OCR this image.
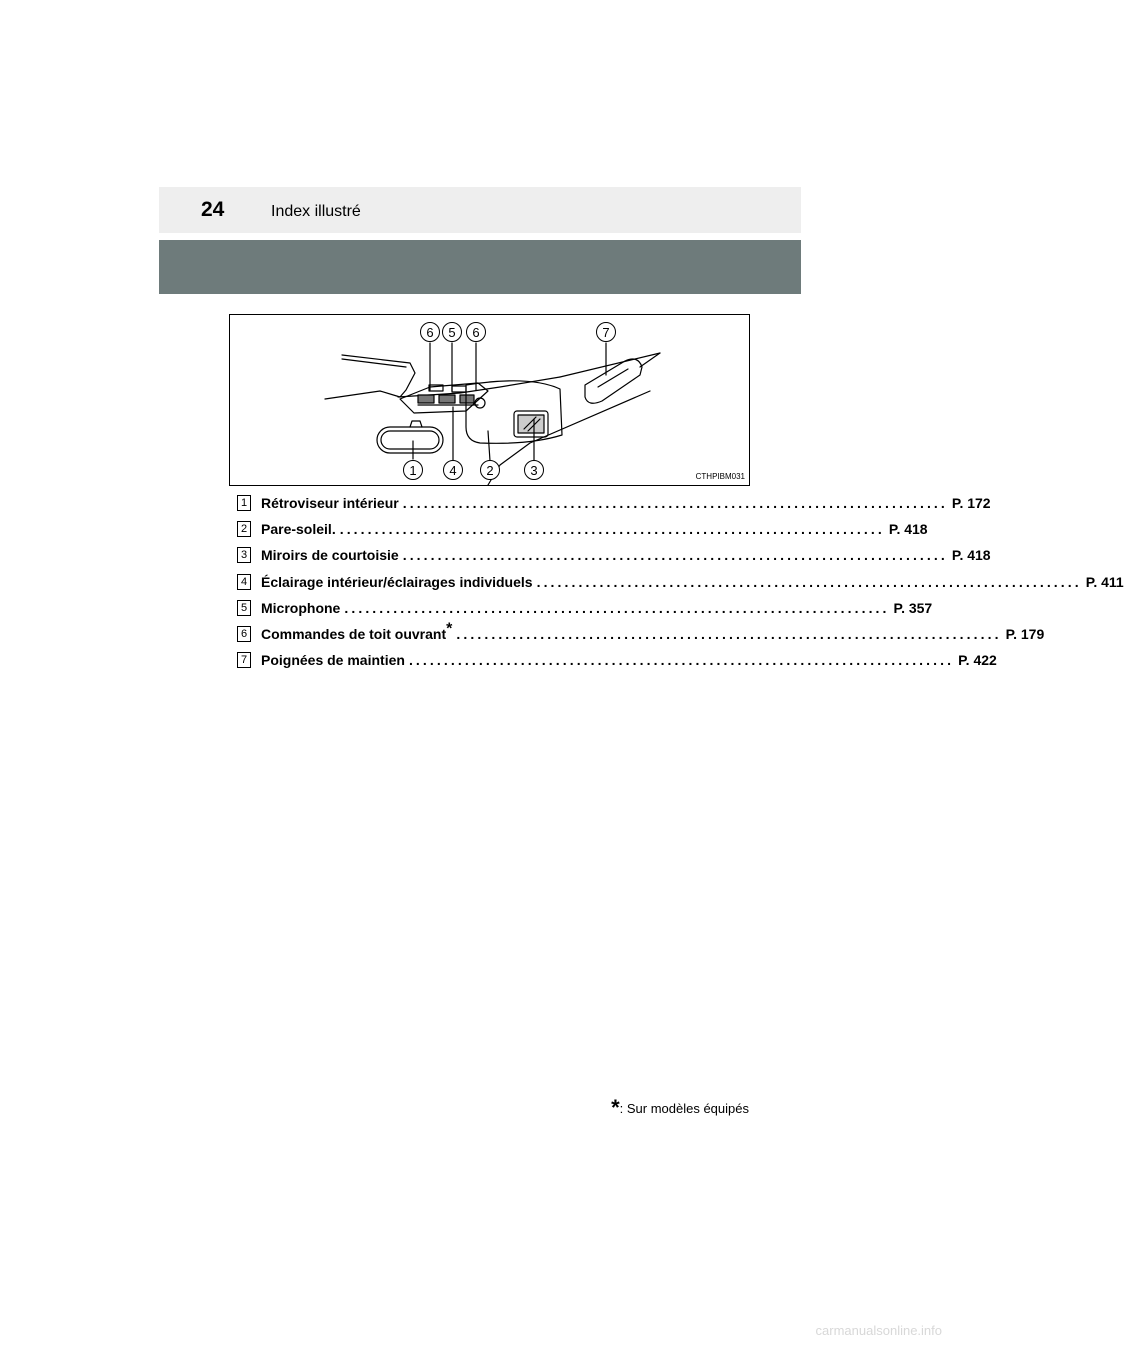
24	Index illustré
6 5 6	7
1	4 2	3	CTHPIBM031
1 Rétroviseur intérieur .............................................................................. P. 172
2 Pare-soleil. .............................................................................. P. 418
3 Miroirs de courtoisie .............................................................................. P. 418
4 Éclairage intérieur/éclairages individuels .............................................................................. P. 411
5 Microphone .............................................................................. P. 357
6 Commandes de toit ouvrant* .............................................................................. P. 179
7 Poignées de maintien .............................................................................. P. 422
*: Sur modèles équipés
carmanualsonline.info
